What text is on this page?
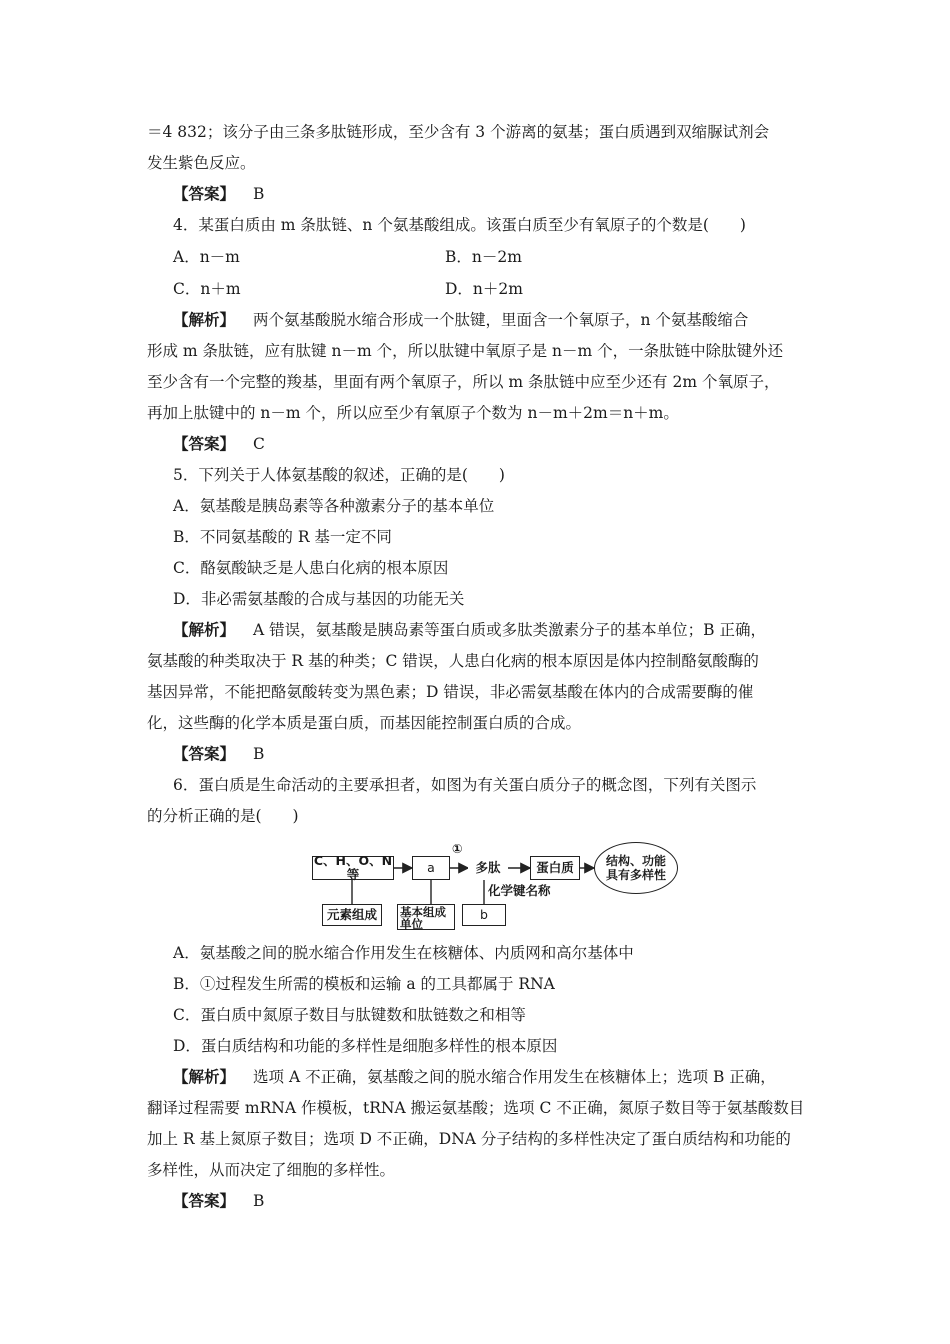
＝4 832；该分子由三条多肽链形成，至少含有 3 个游离的氨基；蛋白质遇到双缩脲试剂会
发生紫色反应。
【答案】 B
4．某蛋白质由 m 条肽链、n 个氨基酸组成。该蛋白质至少有氧原子的个数是(　　)
A．n－m	B．n－2m
C．n＋m	D．n＋2m
【解析】 两个氨基酸脱水缩合形成一个肽键，里面含一个氧原子，n 个氨基酸缩合
形成 m 条肽链，应有肽键 n－m 个，所以肽键中氧原子是 n－m 个，一条肽链中除肽键外还
至少含有一个完整的羧基，里面有两个氧原子，所以 m 条肽链中应至少还有 2m 个氧原子，
再加上肽键中的 n－m 个，所以应至少有氧原子个数为 n－m＋2m＝n＋m。
【答案】 C
5．下列关于人体氨基酸的叙述，正确的是(　　)
A．氨基酸是胰岛素等各种激素分子的基本单位
B．不同氨基酸的 R 基一定不同
C．酪氨酸缺乏是人患白化病的根本原因
D．非必需氨基酸的合成与基因的功能无关
【解析】 A 错误，氨基酸是胰岛素等蛋白质或多肽类激素分子的基本单位；B 正确，
氨基酸的种类取决于 R 基的种类；C 错误，人患白化病的根本原因是体内控制酪氨酸酶的
基因异常，不能把酪氨酸转变为黑色素；D 错误，非必需氨基酸在体内的合成需要酶的催
化，这些酶的化学本质是蛋白质，而基因能控制蛋白质的合成。
【答案】 B
6．蛋白质是生命活动的主要承担者，如图为有关蛋白质分子的概念图，下列有关图示
的分析正确的是(　　)
C、H、O、N等	a
①
多肽	蛋白质	结构、功能具有多样性
元素组成	基本组成单位
化学键名称
b
A．氨基酸之间的脱水缩合作用发生在核糖体、内质网和高尔基体中
B．①过程发生所需的模板和运输 a 的工具都属于 RNA
C．蛋白质中氮原子数目与肽键数和肽链数之和相等
D．蛋白质结构和功能的多样性是细胞多样性的根本原因
【解析】 选项 A 不正确，氨基酸之间的脱水缩合作用发生在核糖体上；选项 B 正确，
翻译过程需要 mRNA 作模板，tRNA 搬运氨基酸；选项 C 不正确，氮原子数目等于氨基酸数目
加上 R 基上氮原子数目；选项 D 不正确，DNA 分子结构的多样性决定了蛋白质结构和功能的
多样性，从而决定了细胞的多样性。
【答案】 B
